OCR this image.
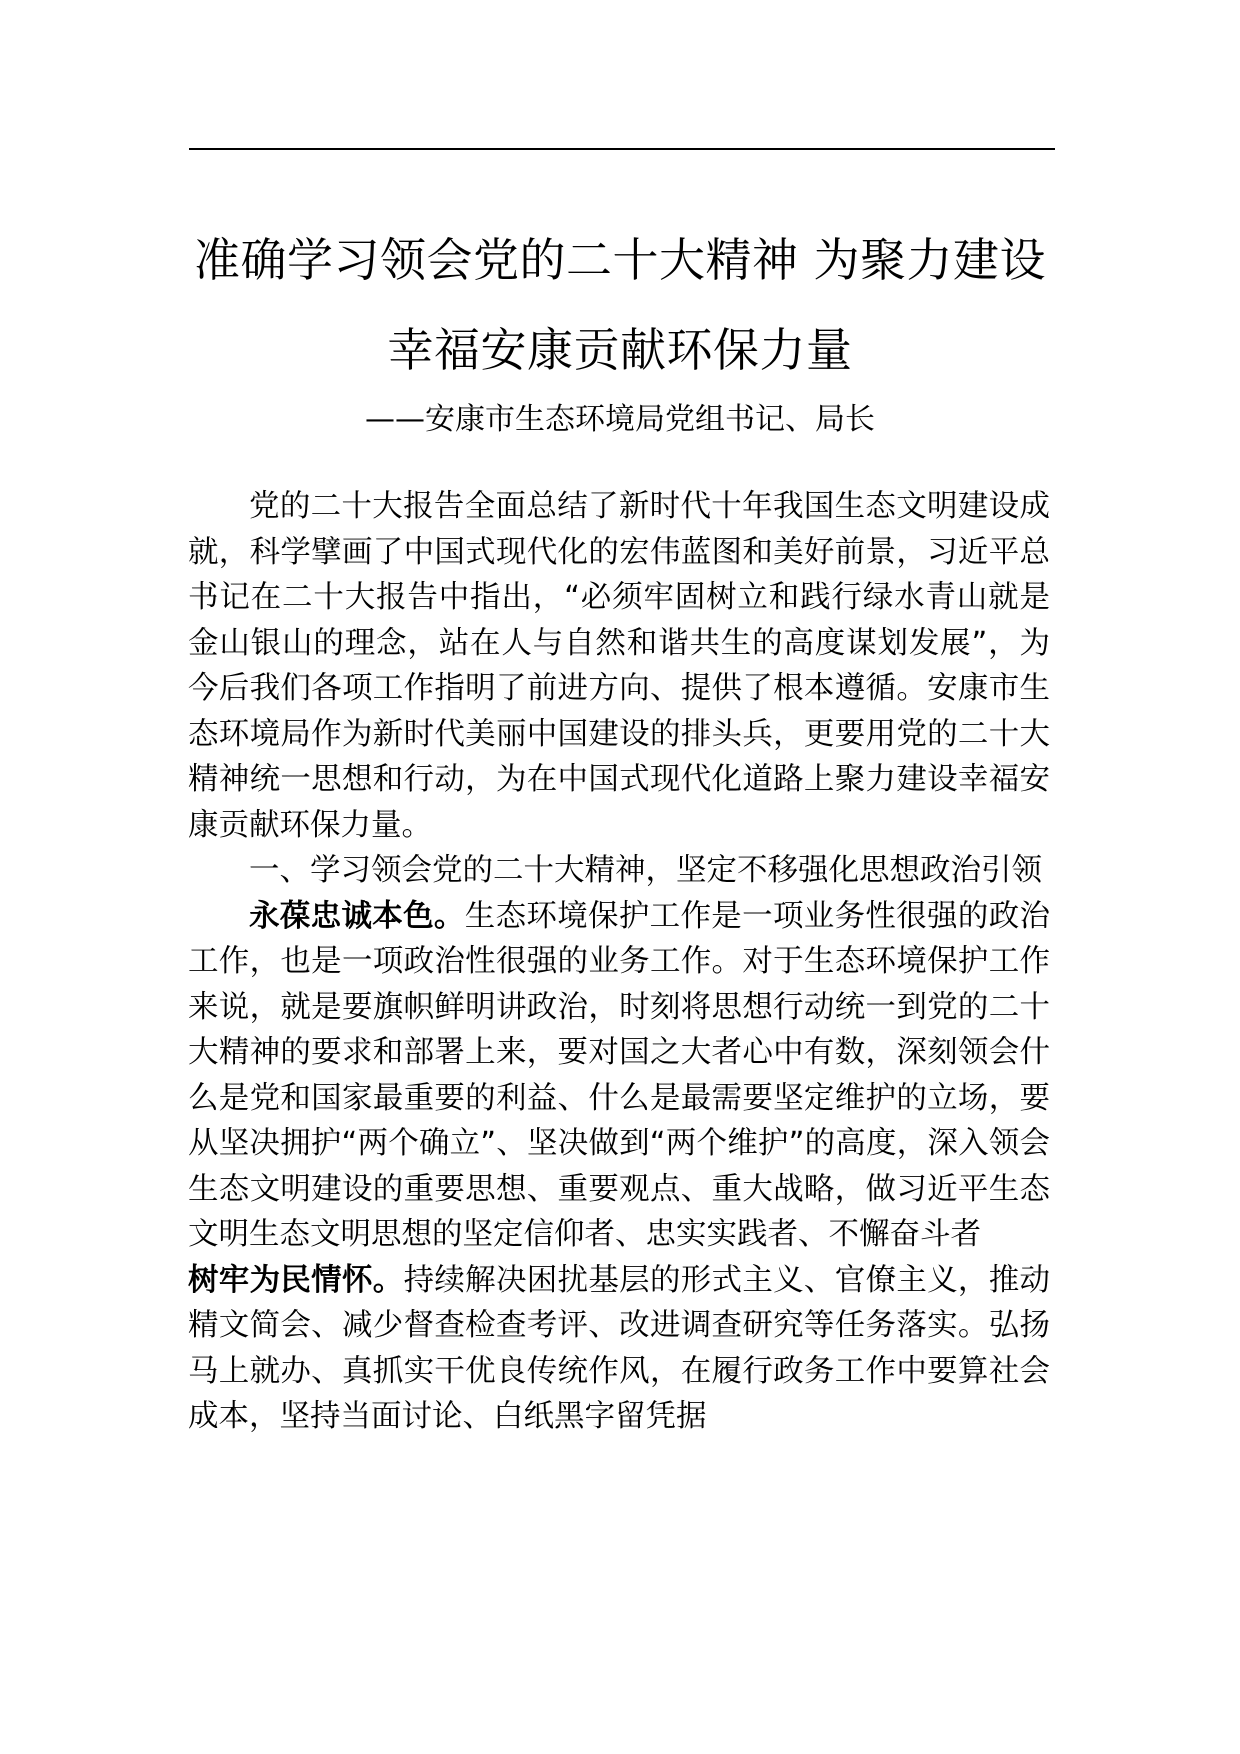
准确学习领会党的二十大精神 为聚力建设
幸福安康贡献环保力量

——安康市生态环境局党组书记、局长

党的二十大报告全面总结了新时代十年我国生态文明建设成就，科学擘画了中国式现代化的宏伟蓝图和美好前景，习近平总书记在二十大报告中指出，“必须牢固树立和践行绿水青山就是金山银山的理念，站在人与自然和谐共生的高度谋划发展”，为今后我们各项工作指明了前进方向、提供了根本遵循。安康市生态环境局作为新时代美丽中国建设的排头兵，更要用党的二十大精神统一思想和行动，为在中国式现代化道路上聚力建设幸福安康贡献环保力量。

一、学习领会党的二十大精神，坚定不移强化思想政治引领

永葆忠诚本色。生态环境保护工作是一项业务性很强的政治工作，也是一项政治性很强的业务工作。对于生态环境保护工作来说，就是要旗帜鲜明讲政治，时刻将思想行动统一到党的二十大精神的要求和部署上来，要对国之大者心中有数，深刻领会什么是党和国家最重要的利益、什么是最需要坚定维护的立场，要从坚决拥护“两个确立”、坚决做到“两个维护”的高度，深入领会生态文明建设的重要思想、重要观点、重大战略，做习近平生态文明生态文明思想的坚定信仰者、忠实实践者、不懈奋斗者

树牢为民情怀。持续解决困扰基层的形式主义、官僚主义，推动精文简会、减少督查检查考评、改进调查研究等任务落实。弘扬马上就办、真抓实干优良传统作风，在履行政务工作中要算社会成本，坚持当面讨论、白纸黑字留凭据
